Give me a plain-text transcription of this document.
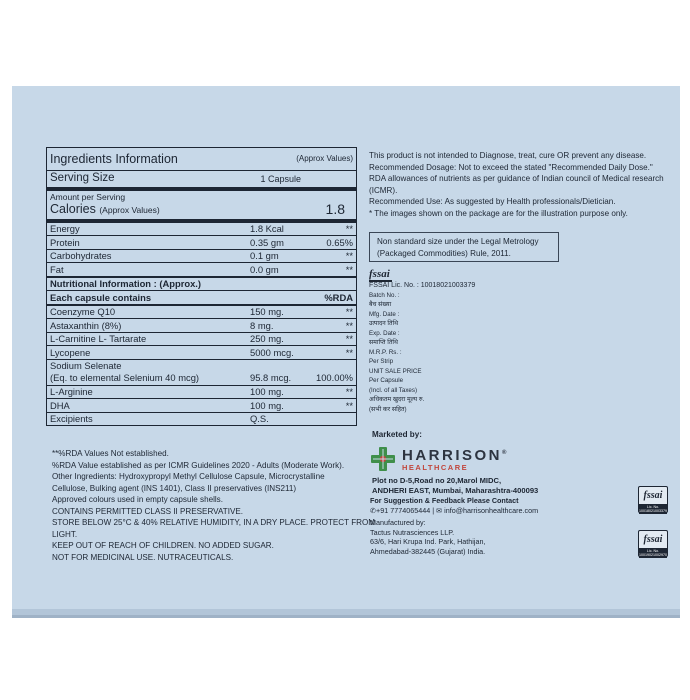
Ingredients Information	(Approx Values)
Serving Size	1 Capsule
Amount per Serving
Calories (Approx Values)	1.8
Energy	1.8 Kcal	**
Protein	0.35 gm	0.65%
Carbohydrates	0.1 gm	**
Fat	0.0 gm	**
Nutritional Information : (Approx.)
Each capsule contains	%RDA
Coenzyme Q10	150 mg.	**
Astaxanthin (8%)	8 mg.	**
L-Carnitine L- Tartarate	250 mg.	**
Lycopene	5000 mcg.	**
Sodium Selenate
(Eq. to elemental Selenium 40 mcg)	95.8 mcg.	100.00%
L-Arginine	100 mg.	**
DHA	100 mg.	**
Excipients	Q.S.
**%RDA Values Not established.
%RDA Value established as per ICMR Guidelines 2020 - Adults (Moderate Work).
Other Ingredients: Hydroxypropyl Methyl Cellulose Capsule, Microcrystalline
Cellulose, Bulking agent (INS 1401), Class II preservatives (INS211)
Approved colours used in empty capsule shells.
CONTAINS PERMITTED CLASS II PRESERVATIVE.
STORE BELOW 25°C & 40% RELATIVE HUMIDITY, IN A DRY PLACE. PROTECT FROM
LIGHT.
KEEP OUT OF REACH OF CHILDREN. NO ADDED SUGAR.
NOT FOR MEDICINAL USE. NUTRACEUTICALS.
This product is not intended to Diagnose, treat, cure OR prevent any disease.
Recommended Dosage: Not to exceed the stated "Recommended Daily Dose."
RDA allowances of nutrients as per guidance of Indian council of Medical research
(ICMR).
Recommended Use: As suggested by Health professionals/Dietician.
* The images shown on the package are for the illustration purpose only.
Non standard size under the Legal Metrology
(Packaged Commodities) Rule, 2011.
fssai
FSSAI Lic. No. : 10018021003379
Batch No. :
बैच संख्या
Mfg. Date :
उत्पादन तिथि
Exp. Date :
समाप्ति तिथि
M.R.P. Rs. :
Per Strip
UNIT SALE PRICE
Per Capsule
(Incl. of all Taxes)
अधिकतम खुदरा मूल्य रु.
(सभी कर सहित)
Marketed by:
HARRISON®
HEALTHCARE
Plot no D-5,Road no 20,Marol MIDC,
ANDHERI EAST, Mumbai, Maharashtra-400093
For Suggestion & Feedback Please Contact
✆+91 7774065444 | ✉ info@harrisonhealthcare.com
Manufactured by:
Tactus Nutrasciences LLP.
63/6, Hari Krupa Ind. Park, Hathijan,
Ahmedabad-382445 (Gujarat) India.
fssai
Lic. No. 10018021003379
fssai
Lic. No. 10019021002970
